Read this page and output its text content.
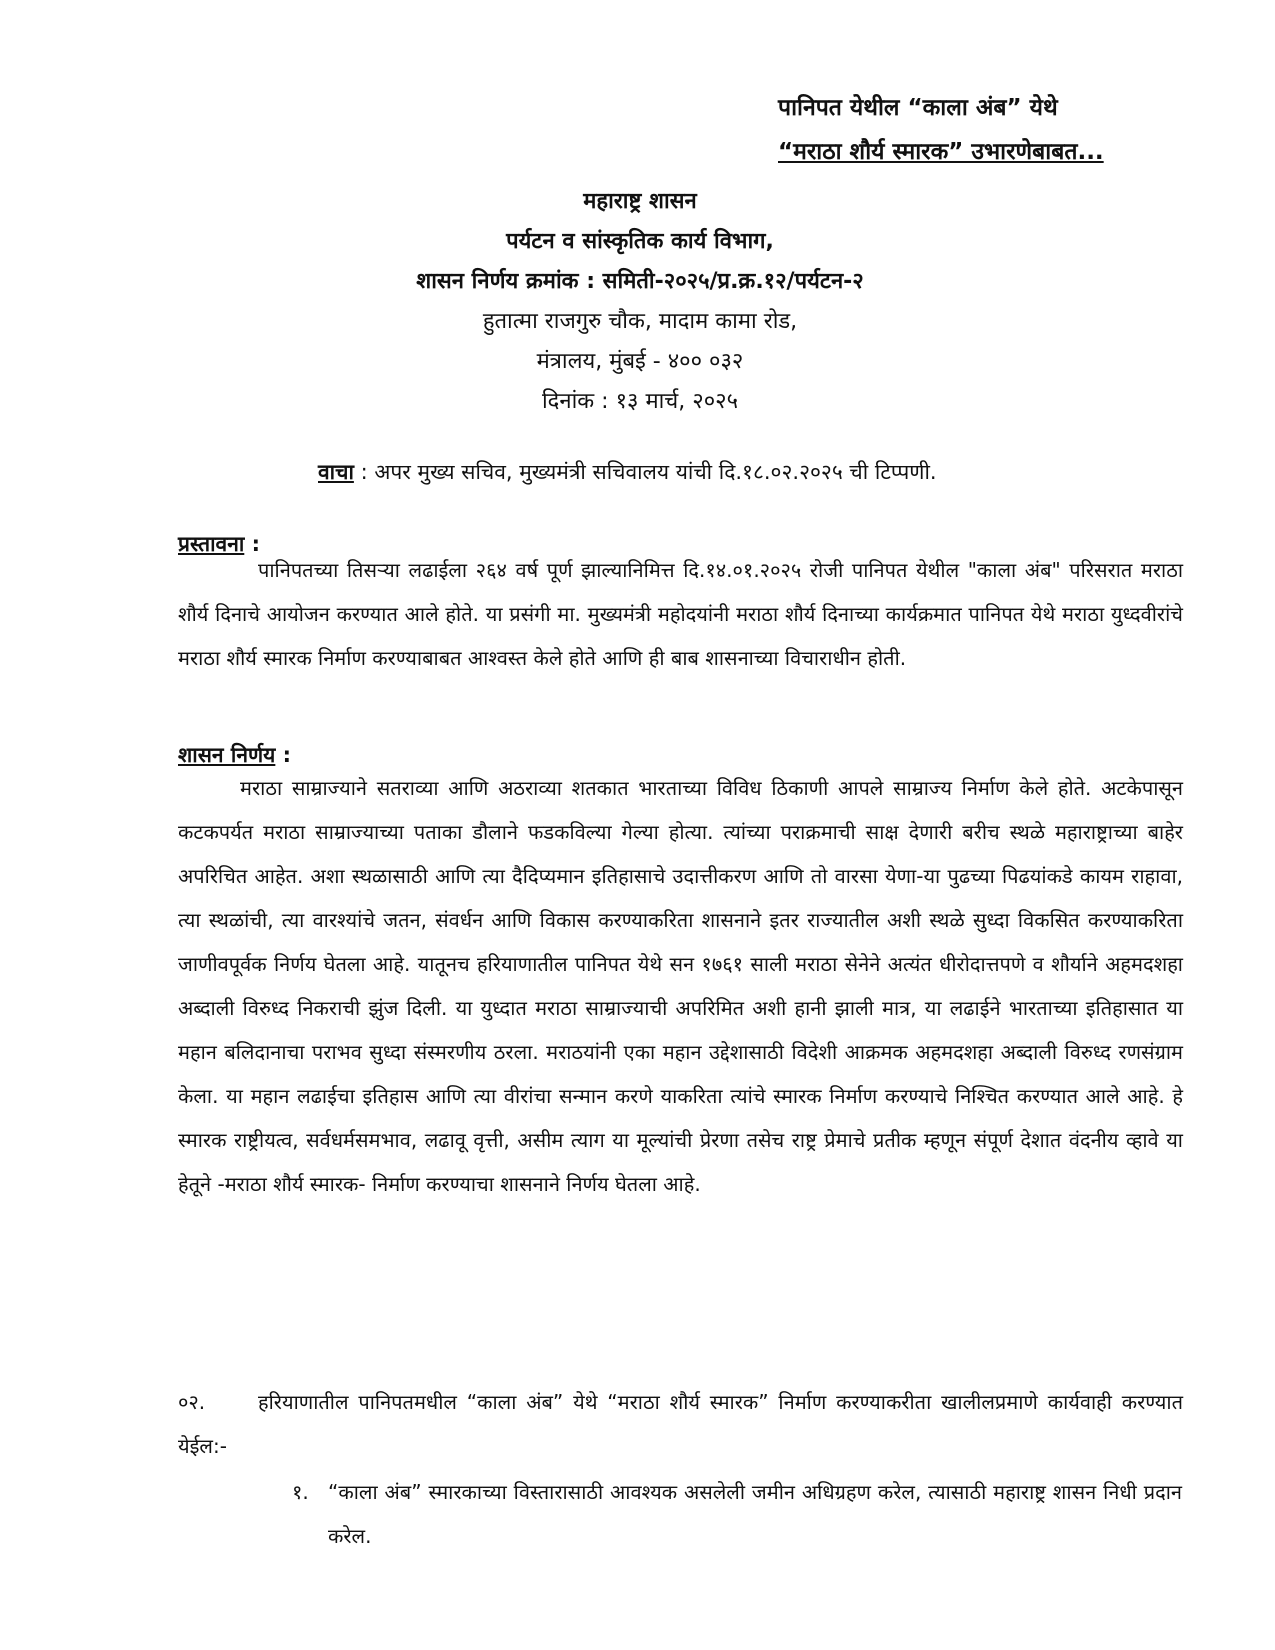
पानिपत येथील “काला अंब” येथे
“मराठा शौर्य स्मारक” उभारणेबाबत...
महाराष्ट्र शासन
पर्यटन व सांस्कृतिक कार्य विभाग,
शासन निर्णय क्रमांक : समिती-२०२५/प्र.क्र.१२/पर्यटन-२
हुतात्मा राजगुरु चौक, मादाम कामा रोड,
मंत्रालय, मुंबई - ४०० ०३२
दिनांक : १३ मार्च, २०२५
वाचा : अपर मुख्य सचिव, मुख्यमंत्री सचिवालय यांची दि.१८.०२.२०२५ ची टिप्पणी.
प्रस्तावना :
पानिपतच्या तिसऱ्या लढाईला २६४ वर्ष पूर्ण झाल्यानिमित्त दि.१४.०१.२०२५ रोजी पानिपत येथील "काला अंब" परिसरात मराठा शौर्य दिनाचे आयोजन करण्यात आले होते. या प्रसंगी मा. मुख्यमंत्री महोदयांनी मराठा शौर्य दिनाच्या कार्यक्रमात पानिपत येथे मराठा युध्दवीरांचे मराठा शौर्य स्मारक निर्माण करण्याबाबत आश्वस्त केले होते आणि ही बाब शासनाच्या विचाराधीन होती.
शासन निर्णय :
मराठा साम्राज्याने सतराव्या आणि अठराव्या शतकात भारताच्या विविध ठिकाणी आपले साम्राज्य निर्माण केले होते. अटकेपासून कटकपर्यत मराठा साम्राज्याच्या पताका डौलाने फडकविल्या गेल्या होत्या. त्यांच्या पराक्रमाची साक्ष देणारी बरीच स्थळे महाराष्ट्राच्या बाहेर अपरिचित आहेत. अशा स्थळासाठी आणि त्या दैदिप्यमान इतिहासाचे उदात्तीकरण आणि तो वारसा येणा-या पुढच्या पिढयांकडे कायम राहावा, त्या स्थळांची, त्या वारश्यांचे जतन, संवर्धन आणि विकास करण्याकरिता शासनाने इतर राज्यातील अशी स्थळे सुध्दा विकसित करण्याकरिता जाणीवपूर्वक निर्णय घेतला आहे. यातूनच हरियाणातील पानिपत येथे सन १७६१ साली मराठा सेनेने अत्यंत धीरोदात्तपणे व शौर्याने अहमदशहा अब्दाली विरुध्द निकराची झुंज दिली. या युध्दात मराठा साम्राज्याची अपरिमित अशी हानी झाली मात्र, या लढाईने भारताच्या इतिहासात या महान बलिदानाचा पराभव सुध्दा संस्मरणीय ठरला. मराठयांनी एका महान उद्देशासाठी विदेशी आक्रमक अहमदशहा अब्दाली विरुध्द रणसंग्राम केला. या महान लढाईचा इतिहास आणि त्या वीरांचा सन्मान करणे याकरिता त्यांचे स्मारक निर्माण करण्याचे निश्चित करण्यात आले आहे. हे स्मारक राष्ट्रीयत्व, सर्वधर्मसमभाव, लढावू वृत्ती, असीम त्याग या मूल्यांची प्रेरणा तसेच राष्ट्र प्रेमाचे प्रतीक म्हणून संपूर्ण देशात वंदनीय व्हावे या हेतूने -मराठा शौर्य स्मारक- निर्माण करण्याचा शासनाने निर्णय घेतला आहे.
०२.	हरियाणातील पानिपतमधील “काला अंब” येथे “मराठा शौर्य स्मारक” निर्माण करण्याकरीता खालीलप्रमाणे कार्यवाही करण्यात येईल:-
१. “काला अंब” स्मारकाच्या विस्तारासाठी आवश्यक असलेली जमीन अधिग्रहण करेल, त्यासाठी महाराष्ट्र शासन निधी प्रदान करेल.
